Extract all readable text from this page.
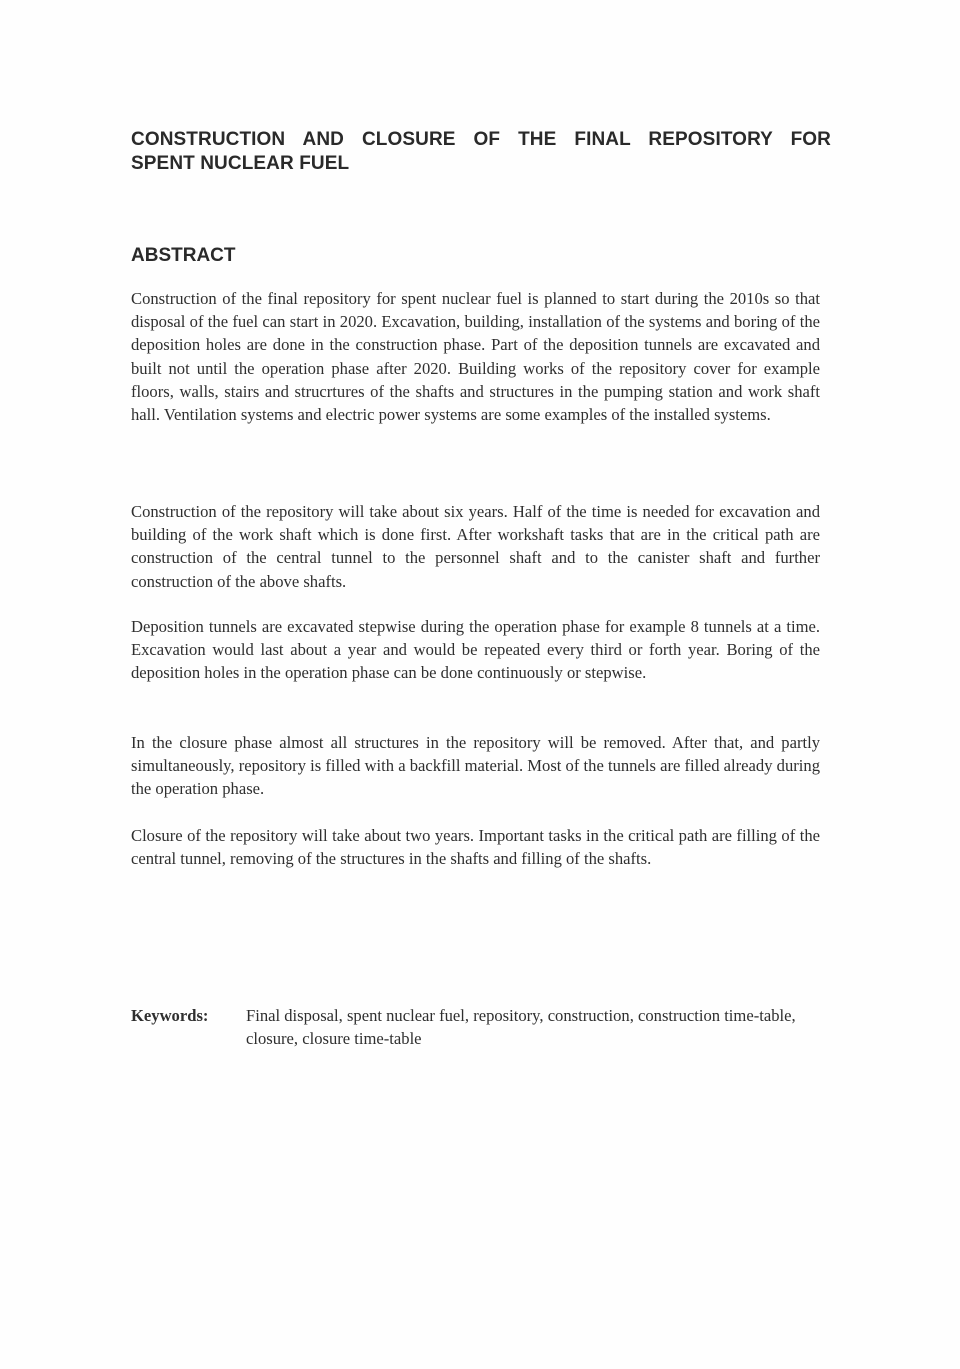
CONSTRUCTION AND CLOSURE OF THE FINAL REPOSITORY FOR
SPENT NUCLEAR FUEL
ABSTRACT

Construction of the final repository for spent nuclear fuel is planned to start during the 2010s so that disposal of the fuel can start in 2020. Excavation, building, installation of the systems and boring of the deposition holes are done in the construction phase. Part of the deposition tunnels are excavated and built not until the operation phase after 2020. Building works of the repository cover for example floors, walls, stairs and strucrtures of the shafts and structures in the pumping station and work shaft hall. Ventilation systems and electric power systems are some examples of the installed systems.

Construction of the repository will take about six years. Half of the time is needed for excavation and building of the work shaft which is done first. After workshaft tasks that are in the critical path are construction of the central tunnel to the personnel shaft and to the canister shaft and further construction of the above shafts.

Deposition tunnels are excavated stepwise during the operation phase for example 8 tunnels at a time. Excavation would last about a year and would be repeated every third or forth year. Boring of the deposition holes in the operation phase can be done continuously or stepwise.

In the closure phase almost all structures in the repository will be removed. After that, and partly simultaneously, repository is filled with a backfill material. Most of the tunnels are filled already during the operation phase.

Closure of the repository will take about two years. Important tasks in the critical path are filling of the central tunnel, removing of the structures in the shafts and filling of the shafts.

Keywords:	Final disposal, spent nuclear fuel, repository, construction, construction time-table, closure, closure time-table
